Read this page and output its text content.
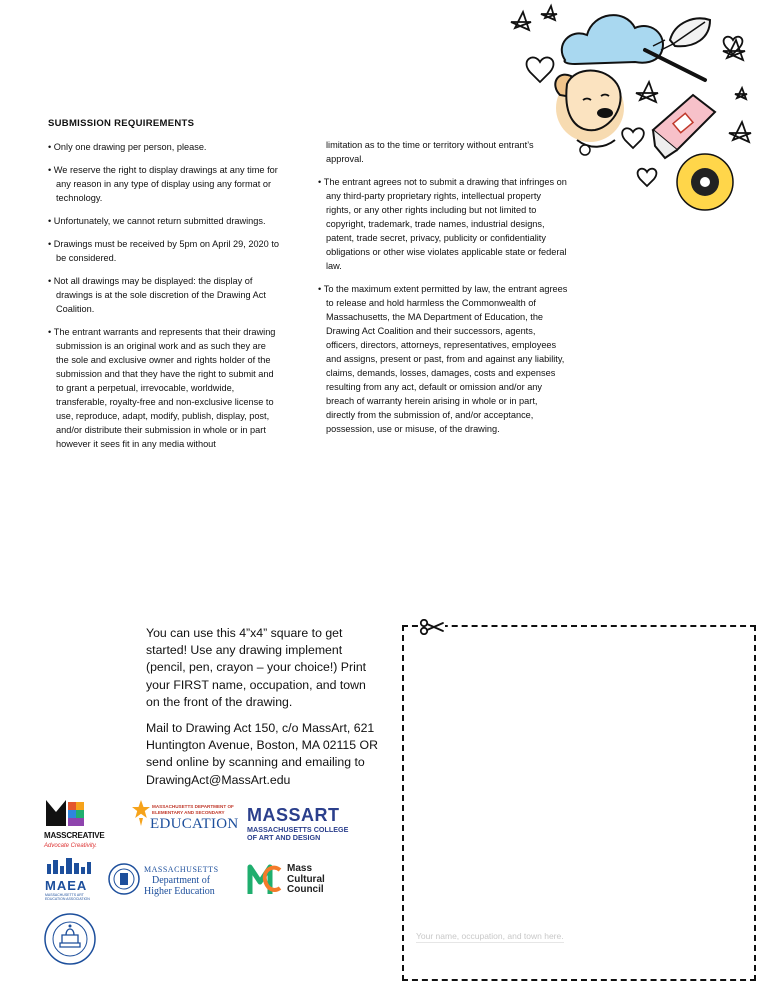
SUBMISSION REQUIREMENTS

• Only one drawing per person, please.

• We reserve the right to display drawings at any time for any reason in any type of display using any format or technology.

• Unfortunately, we cannot return submitted drawings.

• Drawings must be received by 5pm on April 29, 2020 to be considered.

• Not all drawings may be displayed: the display of drawings is at the sole discretion of the Drawing Act Coalition.

• The entrant warrants and represents that their drawing submission is an original work and as such they are the sole and exclusive owner and rights holder of the submission and that they have the right to submit and to grant a perpetual, irrevocable, worldwide, transferable, royalty-free and non-exclusive license to use, reproduce, adapt, modify, publish, display, post, and/or distribute their submission in whole or in part however it sees fit in any media without

limitation as to the time or territory without entrant’s approval.

• The entrant agrees not to submit a drawing that infringes on any third-party proprietary rights, intellectual property rights, or any other rights including but not limited to copyright, trademark, trade names, industrial designs, patent, trade secret, privacy, publicity or confidentiality obligations or other wise violates applicable state or federal law.

• To the maximum extent permitted by law, the entrant agrees to release and hold harmless the Commonwealth of Massachusetts, the MA Department of Education, the Drawing Act Coalition and their successors, agents, officers, directors, attorneys, representatives, employees and assigns, present or past, from and against any liability, claims, demands, losses, damages, costs and expenses resulting from any act, default or omission and/or any breach of warranty herein arising in whole or in part, directly from the submission of, and/or acceptance, possession, use or misuse, of the drawing.

You can use this 4”x4” square to get started! Use any drawing implement (pencil, pen, crayon – your choice!) Print your FIRST name, occupation, and town on the front of the drawing.

Mail to Drawing Act 150, c/o MassArt, 621 Huntington Avenue, Boston, MA 02115 OR send online by scanning and emailing to DrawingAct@MassArt.edu

Your name, occupation, and town here.
MASSCREATIVE
Advocate Creativity.
MASSACHUSETTS DEPARTMENT OF ELEMENTARY AND SECONDARY
EDUCATION MASSART
MASSACHUSETTS COLLEGE
OF ART AND DESIGN
MAEA
MASSACHUSETTS ART EDUCATION ASSOCIATION
MASSACHUSETTS
Department of
Higher Education
Mass
Cultural
Council
